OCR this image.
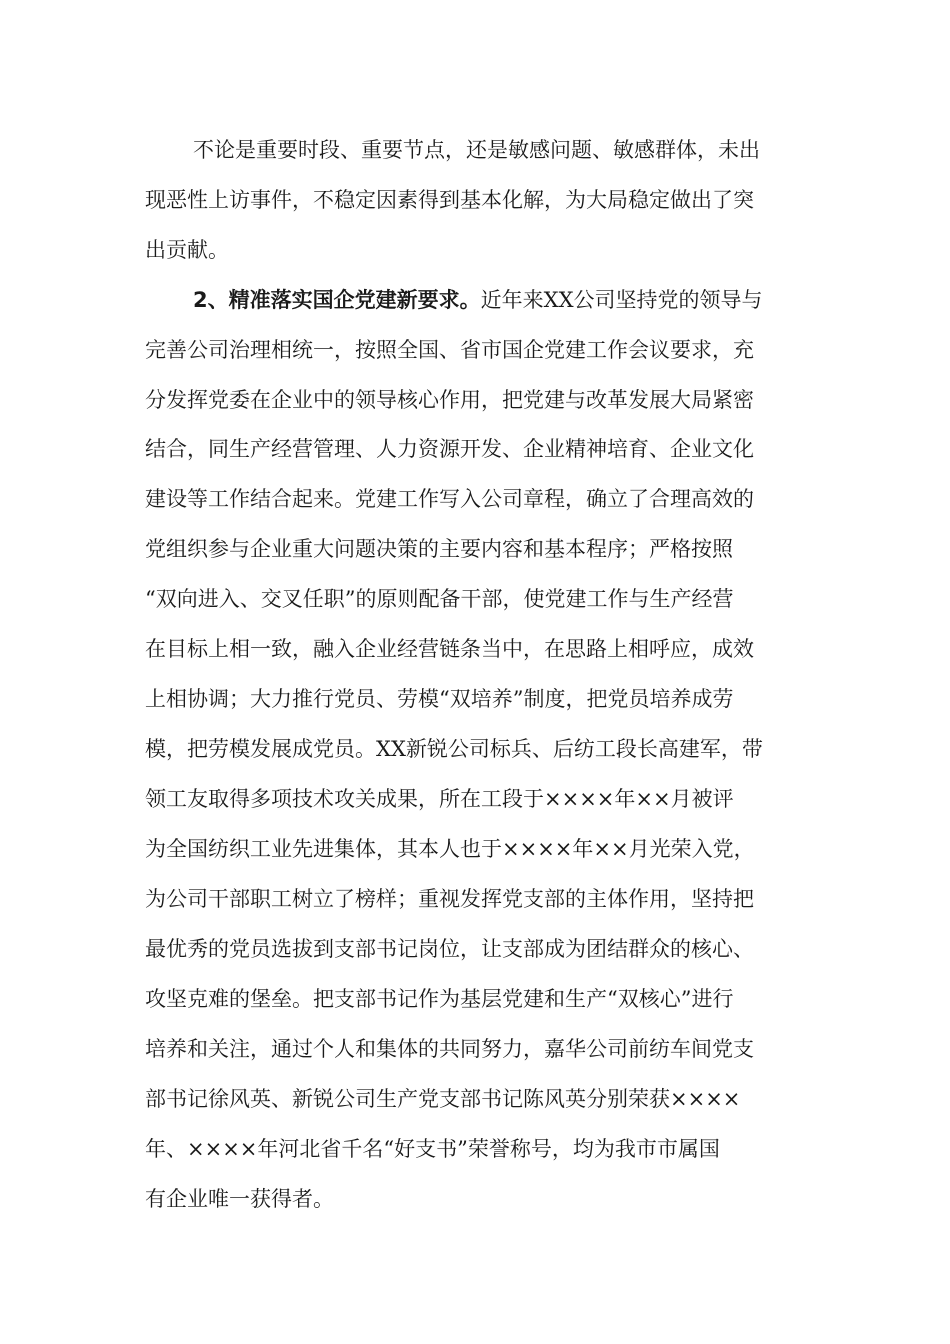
不论是重要时段、重要节点，还是敏感问题、敏感群体，未出
现恶性上访事件，不稳定因素得到基本化解，为大局稳定做出了突
出贡献。
2、精准落实国企党建新要求。近年来XX公司坚持党的领导与
完善公司治理相统一，按照全国、省市国企党建工作会议要求，充
分发挥党委在企业中的领导核心作用，把党建与改革发展大局紧密
结合，同生产经营管理、人力资源开发、企业精神培育、企业文化
建设等工作结合起来。党建工作写入公司章程，确立了合理高效的
党组织参与企业重大问题决策的主要内容和基本程序；严格按照
“双向进入、交叉任职”的原则配备干部，使党建工作与生产经营
在目标上相一致，融入企业经营链条当中，在思路上相呼应，成效
上相协调；大力推行党员、劳模“双培养”制度，把党员培养成劳
模，把劳模发展成党员。XX新锐公司标兵、后纺工段长高建军，带
领工友取得多项技术攻关成果，所在工段于××××年××月被评
为全国纺织工业先进集体，其本人也于××××年××月光荣入党，
为公司干部职工树立了榜样；重视发挥党支部的主体作用，坚持把
最优秀的党员选拔到支部书记岗位，让支部成为团结群众的核心、
攻坚克难的堡垒。把支部书记作为基层党建和生产“双核心”进行
培养和关注，通过个人和集体的共同努力，嘉华公司前纺车间党支
部书记徐风英、新锐公司生产党支部书记陈风英分别荣获××××
年、××××年河北省千名“好支书”荣誉称号，均为我市市属国
有企业唯一获得者。
